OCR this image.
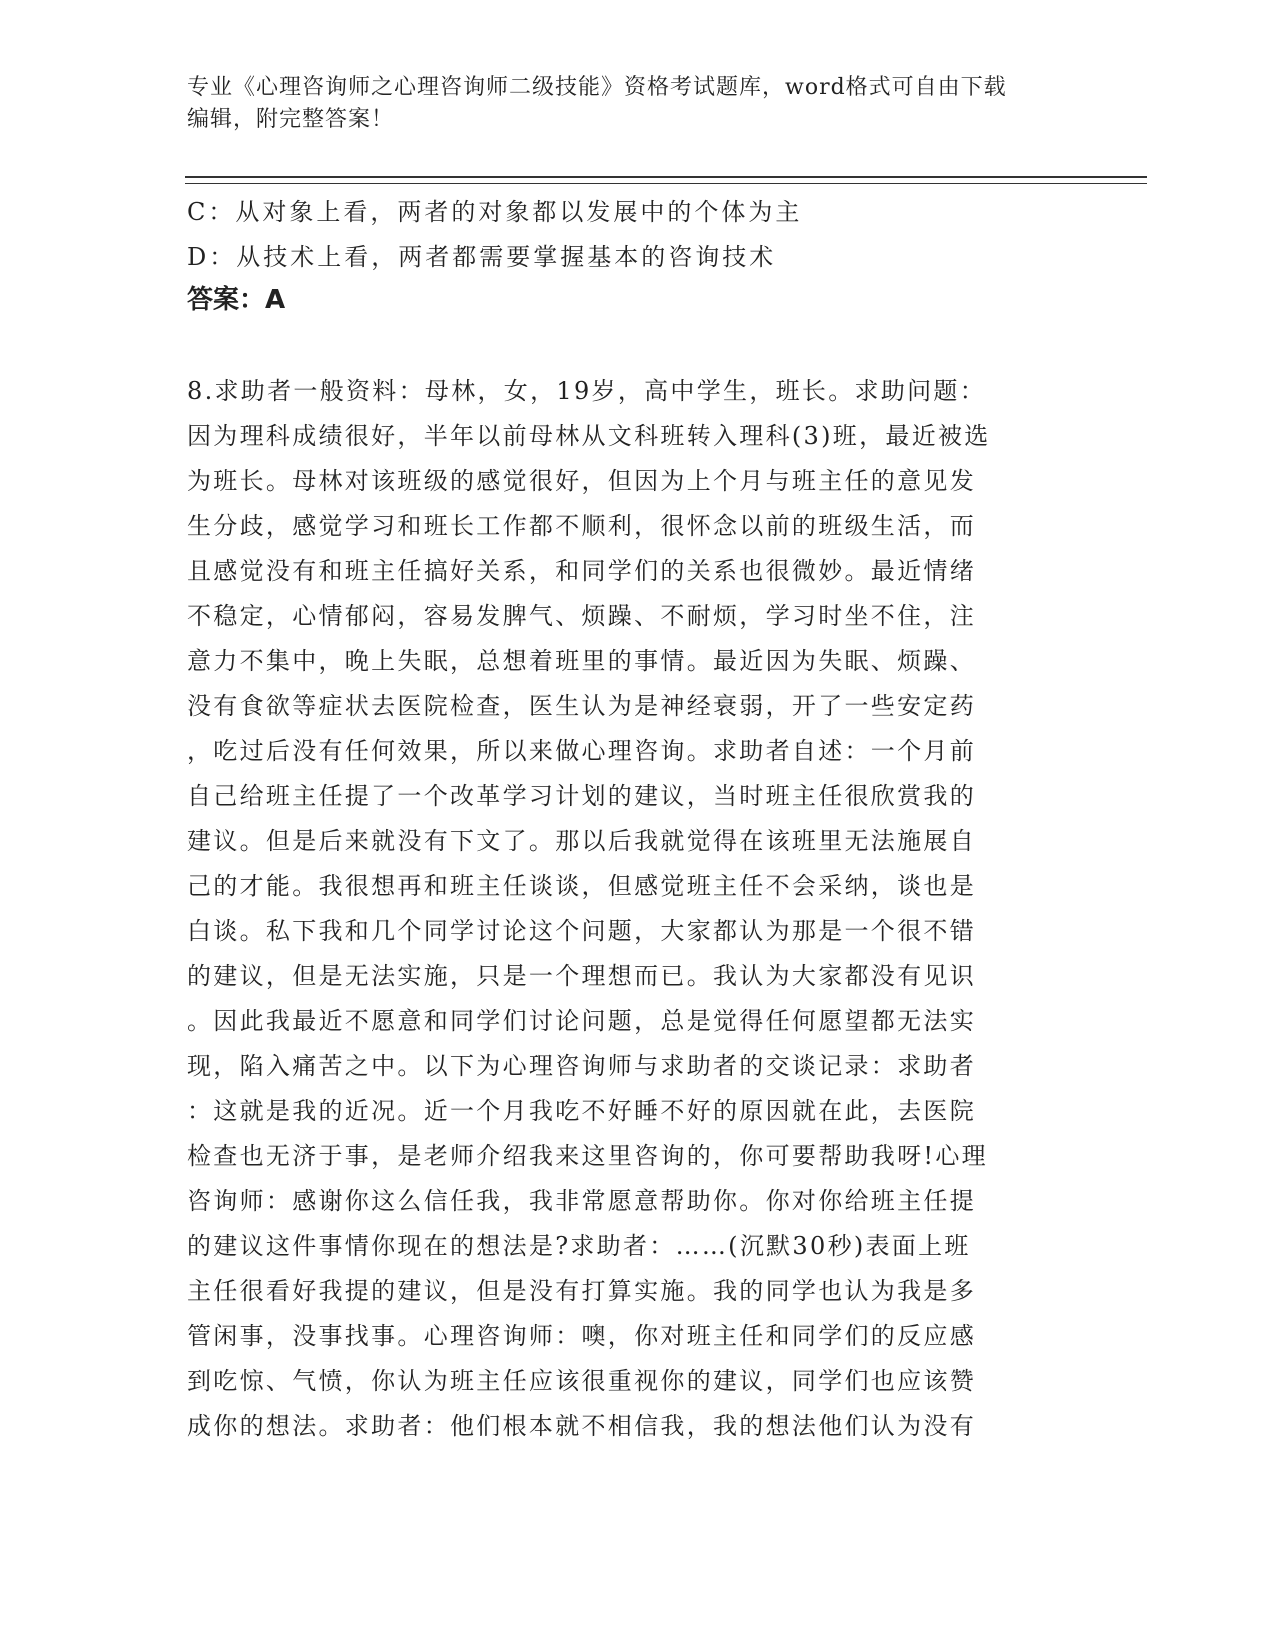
专业《心理咨询师之心理咨询师二级技能》资格考试题库，word格式可自由下载
编辑，附完整答案！
C：从对象上看，两者的对象都以发展中的个体为主
D：从技术上看，两者都需要掌握基本的咨询技术
答案：A
8.求助者一般资料：母林，女，19岁，高中学生，班长。求助问题：
因为理科成绩很好，半年以前母林从文科班转入理科(3)班，最近被选
为班长。母林对该班级的感觉很好，但因为上个月与班主任的意见发
生分歧，感觉学习和班长工作都不顺利，很怀念以前的班级生活，而
且感觉没有和班主任搞好关系，和同学们的关系也很微妙。最近情绪
不稳定，心情郁闷，容易发脾气、烦躁、不耐烦，学习时坐不住，注
意力不集中，晚上失眠，总想着班里的事情。最近因为失眠、烦躁、
没有食欲等症状去医院检查，医生认为是神经衰弱，开了一些安定药
，吃过后没有任何效果，所以来做心理咨询。求助者自述：一个月前
自己给班主任提了一个改革学习计划的建议，当时班主任很欣赏我的
建议。但是后来就没有下文了。那以后我就觉得在该班里无法施展自
己的才能。我很想再和班主任谈谈，但感觉班主任不会采纳，谈也是
白谈。私下我和几个同学讨论这个问题，大家都认为那是一个很不错
的建议，但是无法实施，只是一个理想而已。我认为大家都没有见识
。因此我最近不愿意和同学们讨论问题，总是觉得任何愿望都无法实
现，陷入痛苦之中。以下为心理咨询师与求助者的交谈记录：求助者
：这就是我的近况。近一个月我吃不好睡不好的原因就在此，去医院
检查也无济于事，是老师介绍我来这里咨询的，你可要帮助我呀!心理
咨询师：感谢你这么信任我，我非常愿意帮助你。你对你给班主任提
的建议这件事情你现在的想法是?求助者：……(沉默30秒)表面上班
主任很看好我提的建议，但是没有打算实施。我的同学也认为我是多
管闲事，没事找事。心理咨询师：噢，你对班主任和同学们的反应感
到吃惊、气愤，你认为班主任应该很重视你的建议，同学们也应该赞
成你的想法。求助者：他们根本就不相信我，我的想法他们认为没有
